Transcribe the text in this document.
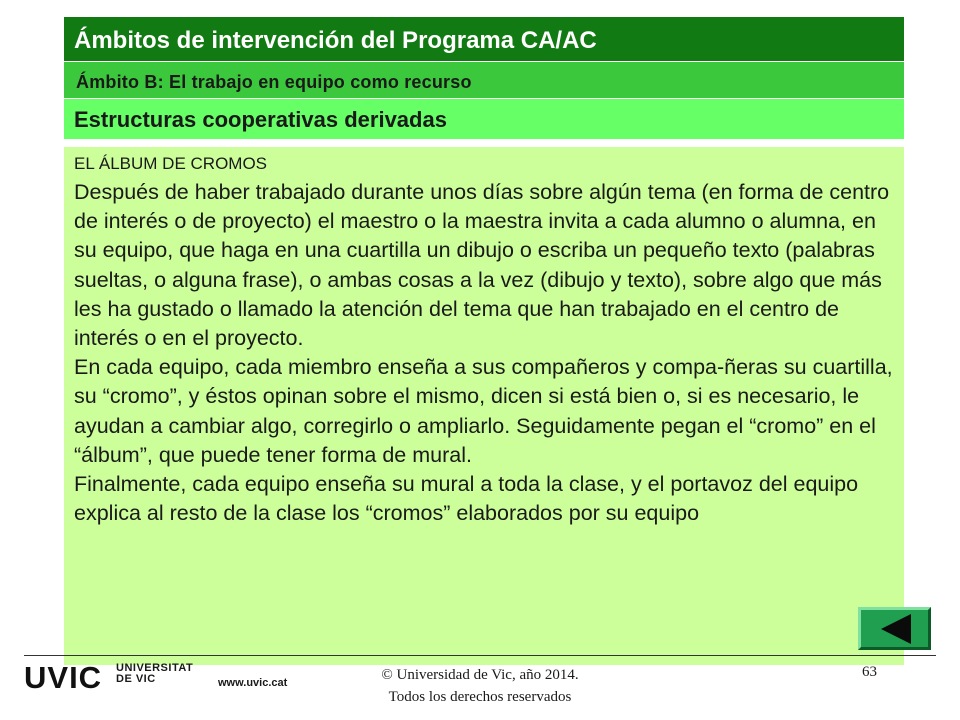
Ámbitos de intervención del Programa CA/AC
Ámbito B: El trabajo en equipo como recurso
Estructuras cooperativas derivadas
EL ÁLBUM DE CROMOS

Después de haber trabajado durante unos días sobre algún tema (en forma de centro de interés o de proyecto) el maestro o la maestra invita a cada alumno o alumna, en su equipo, que haga en una cuartilla un dibujo o escriba un pequeño texto (palabras sueltas, o alguna frase), o ambas cosas a la vez (dibujo y texto), sobre algo que más les ha gustado o llamado la atención del tema que han trabajado en el centro de interés o en el proyecto.

En cada equipo, cada miembro enseña a sus compañeros y compa-ñeras su cuartilla, su “cromo”, y éstos opinan sobre el mismo, dicen si está bien o, si es necesario, le ayudan a cambiar algo, corregirlo o ampliarlo. Seguidamente pegan el “cromo” en el “álbum”, que puede tener forma de mural.

Finalmente, cada equipo enseña su mural a toda la clase, y el portavoz del equipo explica al resto de la clase los “cromos” elaborados por su equipo

UVIC UNIVERSITAT
DE VIC	www.uvic.cat	© Universidad de Vic, año 2014.
Todos los derechos reservados
63
